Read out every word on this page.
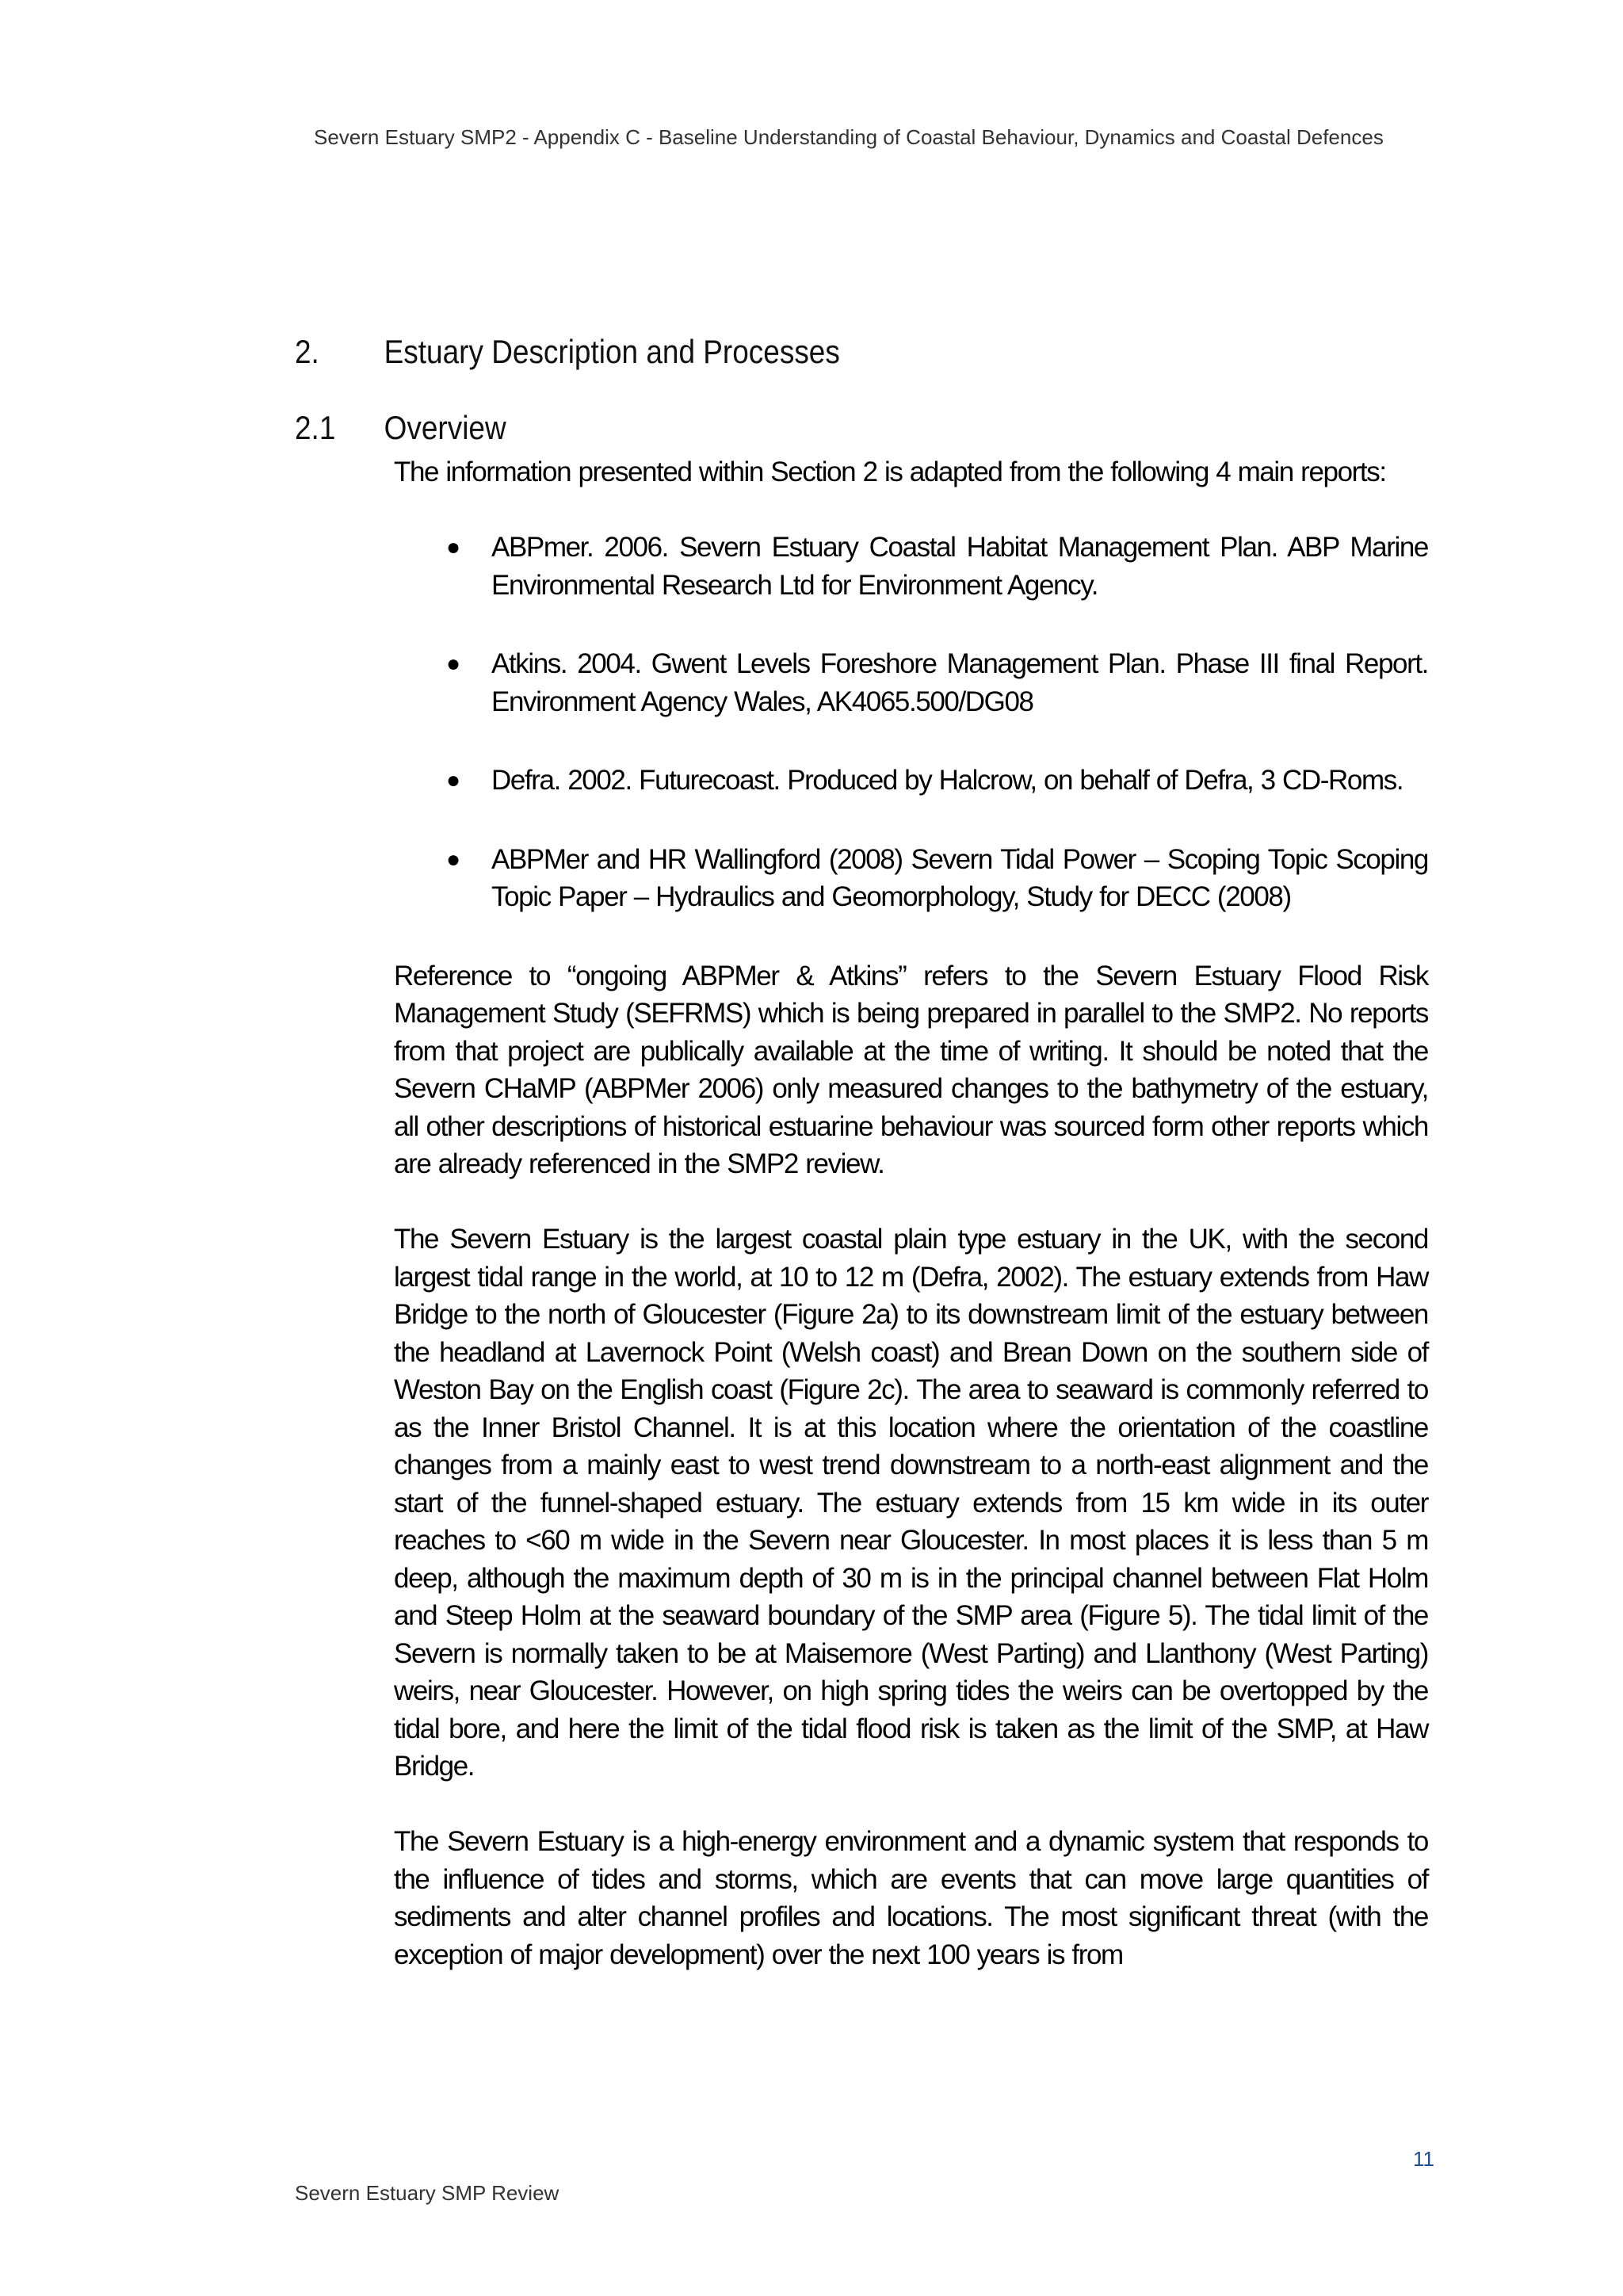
Severn Estuary SMP2 - Appendix C - Baseline Understanding of Coastal Behaviour, Dynamics and Coastal Defences
2. Estuary Description and Processes
2.1 Overview

The information presented within Section 2 is adapted from the following 4 main reports:

● ABPmer. 2006. Severn Estuary Coastal Habitat Management Plan. ABP Marine Environmental Research Ltd for Environment Agency.
● Atkins. 2004. Gwent Levels Foreshore Management Plan. Phase III final Report. Environment Agency Wales, AK4065.500/DG08
● Defra. 2002. Futurecoast. Produced by Halcrow, on behalf of Defra, 3 CD-Roms.
● ABPMer and HR Wallingford (2008) Severn Tidal Power – Scoping Topic Scoping Topic Paper – Hydraulics and Geomorphology, Study for DECC (2008)

Reference to “ongoing ABPMer & Atkins” refers to the Severn Estuary Flood Risk Management Study (SEFRMS) which is being prepared in parallel to the SMP2. No reports from that project are publically available at the time of writing. It should be noted that the Severn CHaMP (ABPMer 2006) only measured changes to the bathymetry of the estuary, all other descriptions of historical estuarine behaviour was sourced form other reports which are already referenced in the SMP2 review.

The Severn Estuary is the largest coastal plain type estuary in the UK, with the second largest tidal range in the world, at 10 to 12 m (Defra, 2002). The estuary extends from Haw Bridge to the north of Gloucester (Figure 2a) to its downstream limit of the estuary between the headland at Lavernock Point (Welsh coast) and Brean Down on the southern side of Weston Bay on the English coast (Figure 2c). The area to seaward is commonly referred to as the Inner Bristol Channel. It is at this location where the orientation of the coastline changes from a mainly east to west trend downstream to a north-east alignment and the start of the funnel-shaped estuary. The estuary extends from 15 km wide in its outer reaches to <60 m wide in the Severn near Gloucester. In most places it is less than 5 m deep, although the maximum depth of 30 m is in the principal channel between Flat Holm and Steep Holm at the seaward boundary of the SMP area (Figure 5). The tidal limit of the Severn is normally taken to be at Maisemore (West Parting) and Llanthony (West Parting) weirs, near Gloucester. However, on high spring tides the weirs can be overtopped by the tidal bore, and here the limit of the tidal flood risk is taken as the limit of the SMP, at Haw Bridge.

The Severn Estuary is a high-energy environment and a dynamic system that responds to the influence of tides and storms, which are events that can move large quantities of sediments and alter channel profiles and locations. The most significant threat (with the exception of major development) over the next 100 years is from

11
Severn Estuary SMP Review
